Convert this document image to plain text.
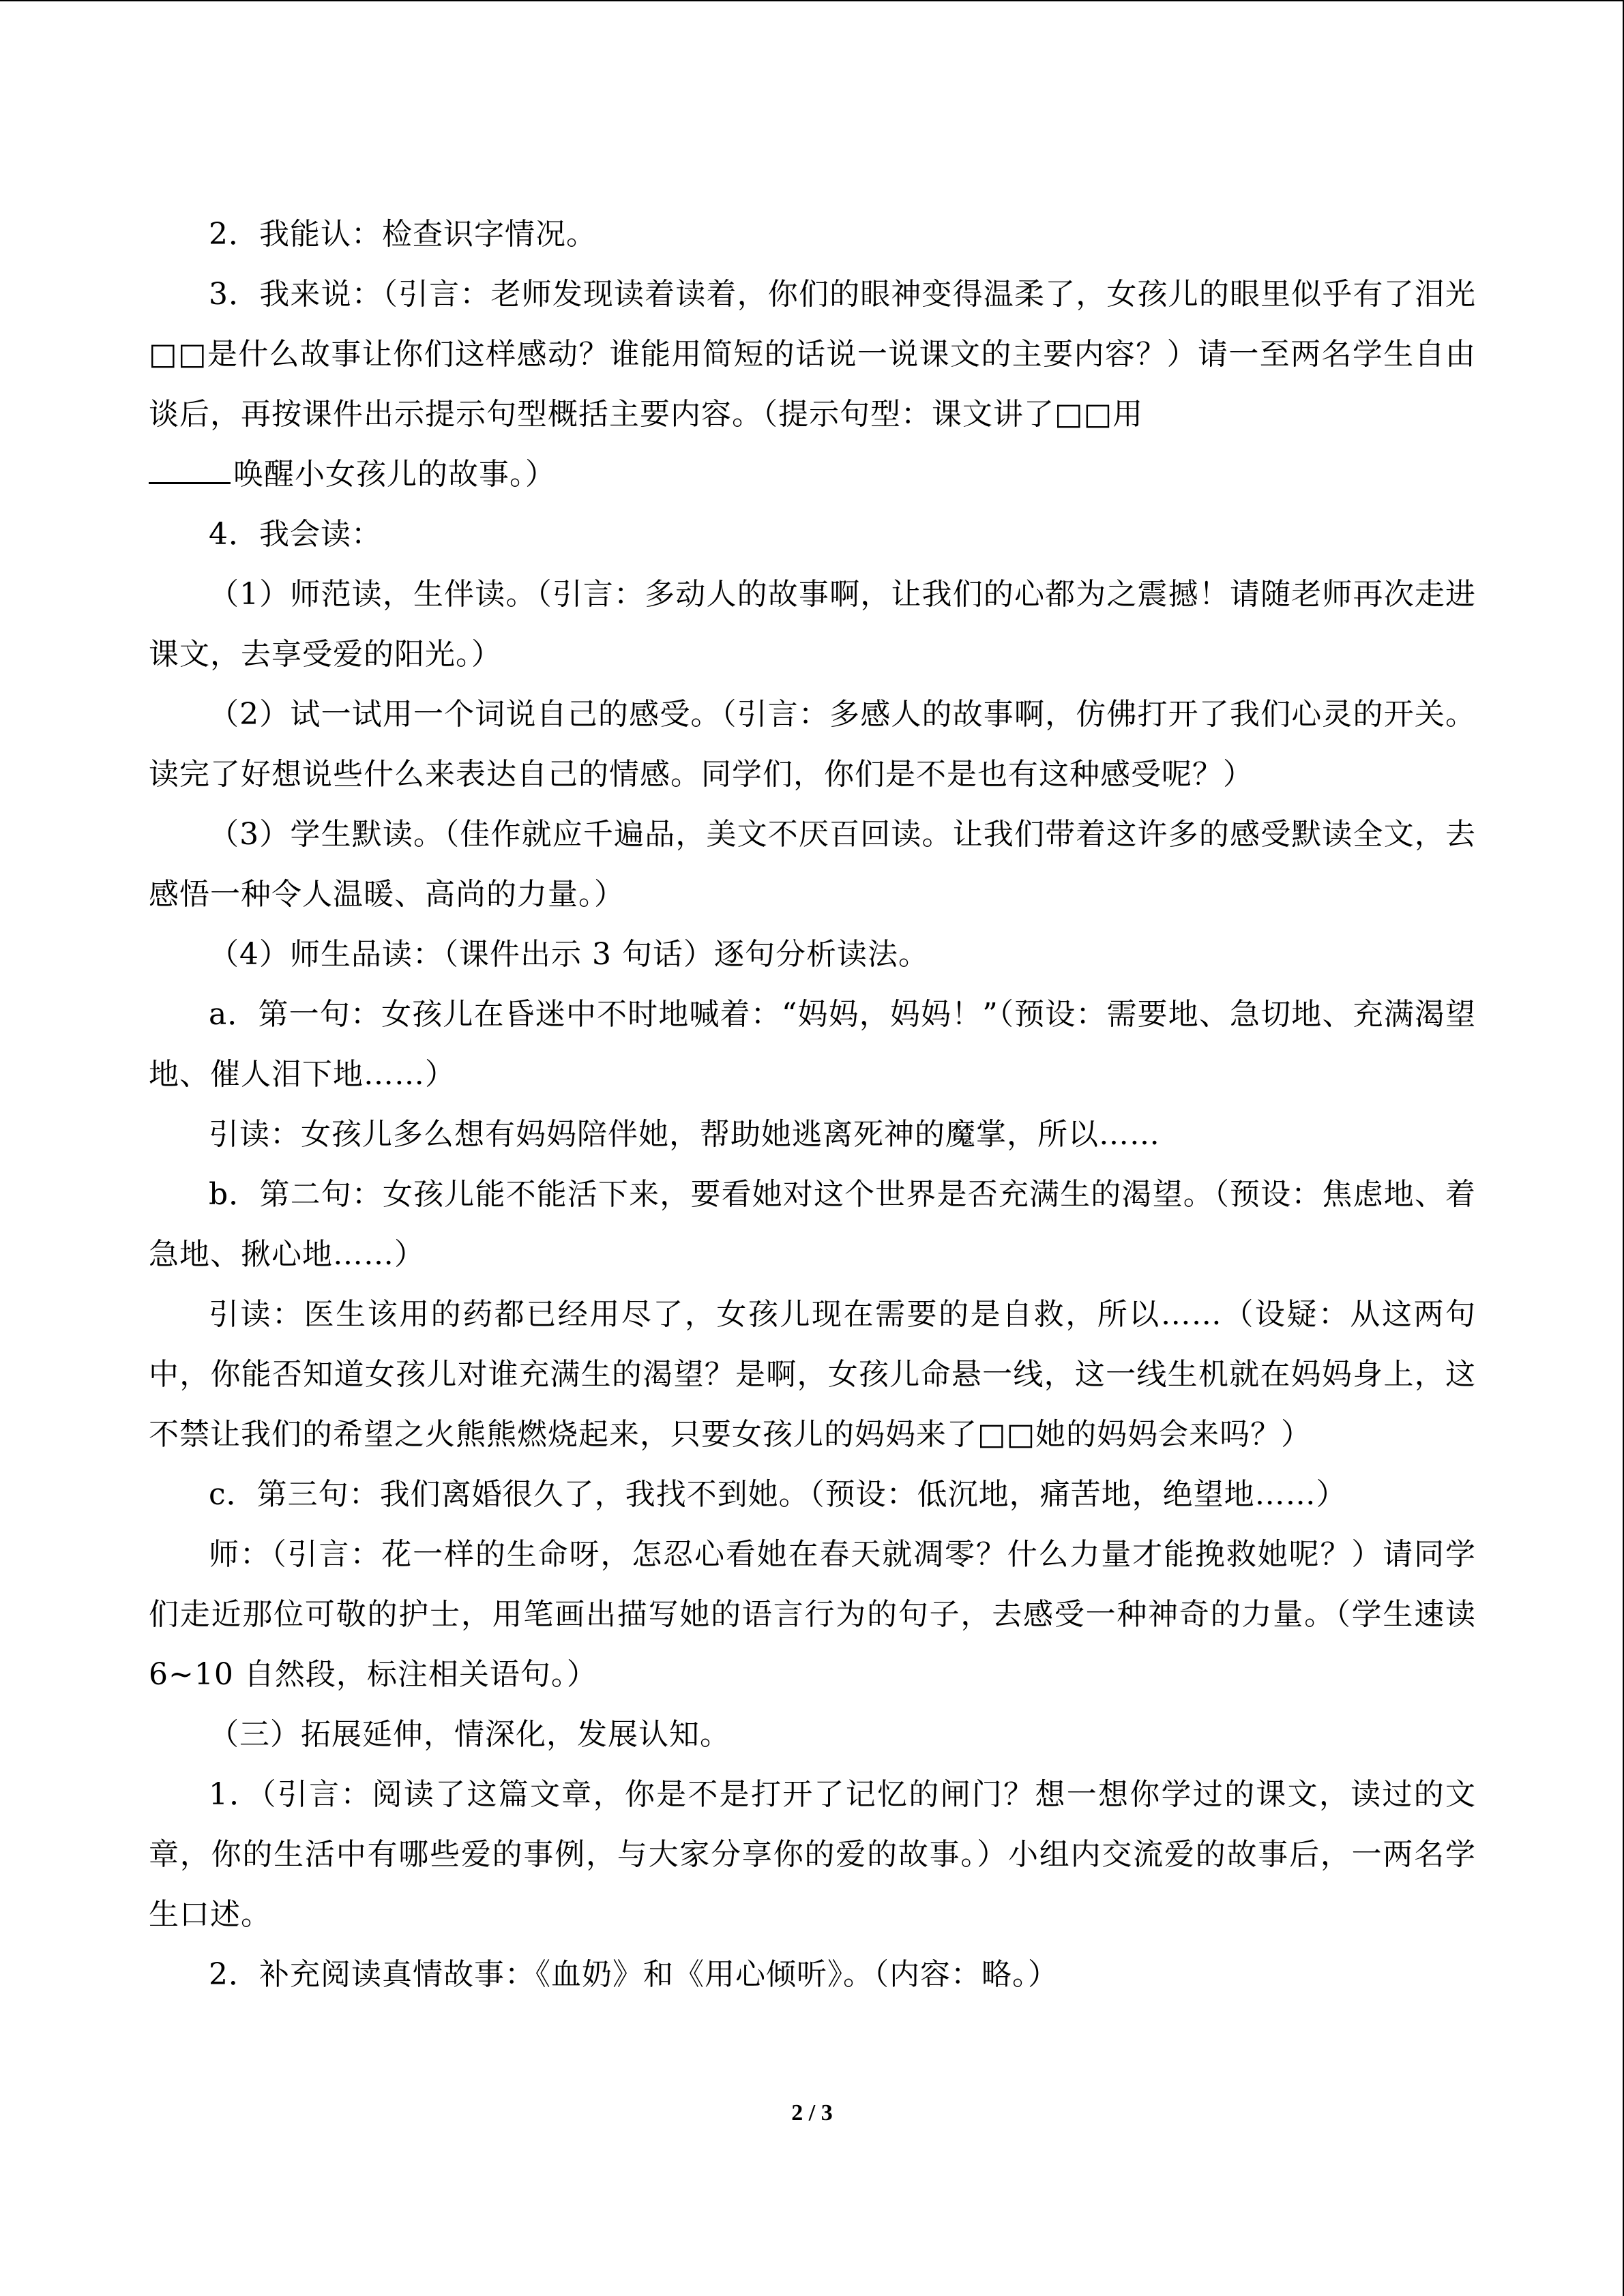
2．我能认：检查识字情况。

3．我来说：（引言：老师发现读着读着，你们的眼神变得温柔了，女孩儿的眼里似乎有了泪光□□是什么故事让你们这样感动？谁能用简短的话说一说课文的主要内容？）请一至两名学生自由谈后，再按课件出示提示句型概括主要内容。（提示句型：课文讲了□□用

唤醒小女孩儿的故事。）

4．我会读：

（1）师范读，生伴读。（引言：多动人的故事啊，让我们的心都为之震撼！请随老师再次走进课文，去享受爱的阳光。）

（2）试一试用一个词说自己的感受。（引言：多感人的故事啊，仿佛打开了我们心灵的开关。读完了好想说些什么来表达自己的情感。同学们，你们是不是也有这种感受呢？）

（3）学生默读。（佳作就应千遍品，美文不厌百回读。让我们带着这许多的感受默读全文，去感悟一种令人温暖、高尚的力量。）

（4）师生品读：（课件出示 3 句话）逐句分析读法。

a．第一句：女孩儿在昏迷中不时地喊着：“妈妈，妈妈！”（预设：需要地、急切地、充满渴望地、催人泪下地……）

引读：女孩儿多么想有妈妈陪伴她，帮助她逃离死神的魔掌，所以……

b．第二句：女孩儿能不能活下来，要看她对这个世界是否充满生的渴望。（预设：焦虑地、着急地、揪心地……）

引读：医生该用的药都已经用尽了，女孩儿现在需要的是自救，所以……（设疑：从这两句中，你能否知道女孩儿对谁充满生的渴望？是啊，女孩儿命悬一线，这一线生机就在妈妈身上，这不禁让我们的希望之火熊熊燃烧起来，只要女孩儿的妈妈来了□□她的妈妈会来吗？）

c．第三句：我们离婚很久了，我找不到她。（预设：低沉地，痛苦地，绝望地……）

师：（引言：花一样的生命呀，怎忍心看她在春天就凋零？什么力量才能挽救她呢？）请同学们走近那位可敬的护士，用笔画出描写她的语言行为的句子，去感受一种神奇的力量。（学生速读 6~10 自然段，标注相关语句。）

（三）拓展延伸，情深化，发展认知。

1．（引言：阅读了这篇文章，你是不是打开了记忆的闸门？想一想你学过的课文，读过的文章，你的生活中有哪些爱的事例，与大家分享你的爱的故事。）小组内交流爱的故事后，一两名学生口述。

2．补充阅读真情故事：《血奶》和《用心倾听》。（内容：略。）

2 / 3
